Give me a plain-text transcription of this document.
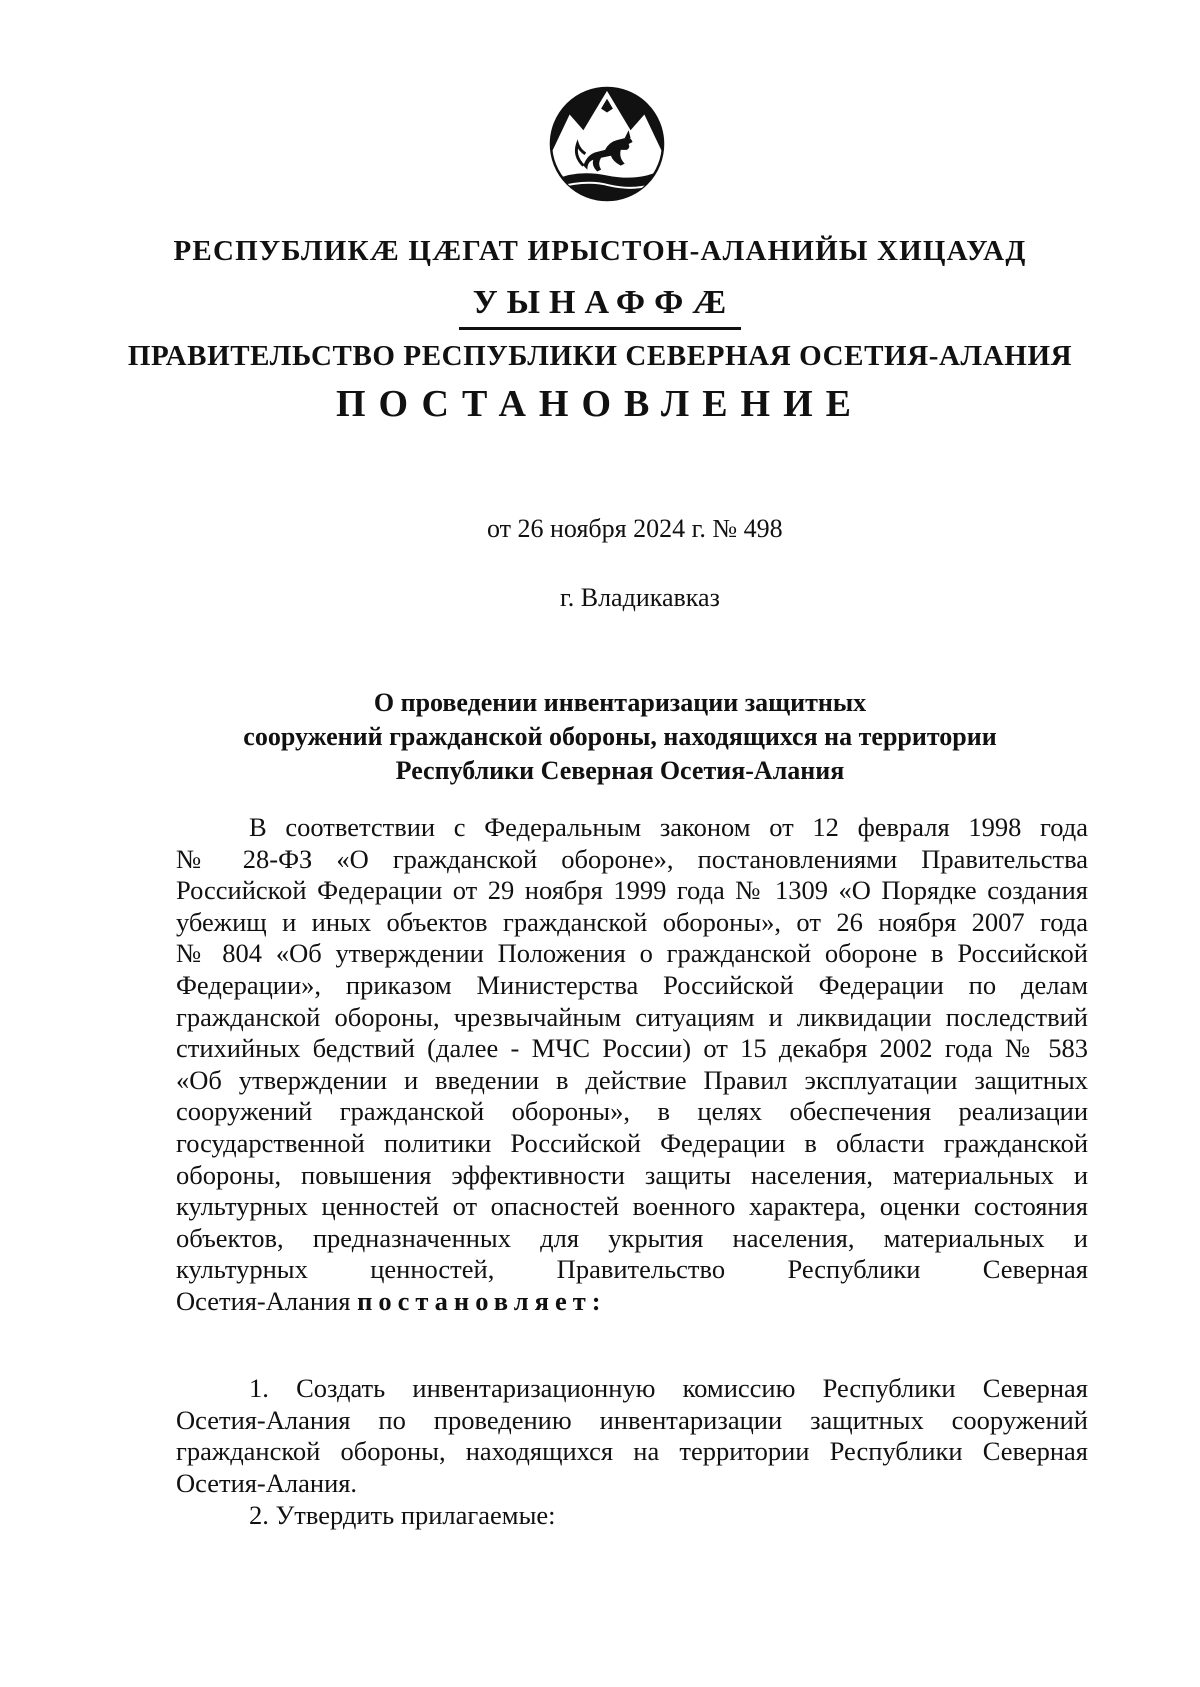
РЕСПУБЛИКӔ ЦӔГАТ ИРЫСТОН-АЛАНИЙЫ ХИЦАУАД
УЫНАФФӔ
ПРАВИТЕЛЬСТВО РЕСПУБЛИКИ СЕВЕРНАЯ ОСЕТИЯ-АЛАНИЯ
ПОСТАНОВЛЕНИЕ
от 26 ноября 2024 г. № 498
г. Владикавказ
О проведении инвентаризации защитных
сооружений гражданской обороны, находящихся на территории
Республики Северная Осетия-Алания
В соответствии с Федеральным законом от 12 февраля 1998 года
№ 28-ФЗ «О гражданской обороне», постановлениями Правительства
Российской Федерации от 29 ноября 1999 года № 1309 «О Порядке создания
убежищ и иных объектов гражданской обороны», от 26 ноября 2007 года
№ 804 «Об утверждении Положения о гражданской обороне в Российской
Федерации», приказом Министерства Российской Федерации по делам
гражданской обороны, чрезвычайным ситуациям и ликвидации последствий
стихийных бедствий (далее - МЧС России) от 15 декабря 2002 года № 583
«Об утверждении и введении в действие Правил эксплуатации защитных
сооружений гражданской обороны», в целях обеспечения реализации
государственной политики Российской Федерации в области гражданской
обороны, повышения эффективности защиты населения, материальных и
культурных ценностей от опасностей военного характера, оценки состояния
объектов, предназначенных для укрытия населения, материальных и
культурных ценностей, Правительство Республики Северная
Осетия-Алания постановляет:
1. Создать инвентаризационную комиссию Республики Северная
Осетия-Алания по проведению инвентаризации защитных сооружений
гражданской обороны, находящихся на территории Республики Северная
Осетия-Алания.
2. Утвердить прилагаемые:
